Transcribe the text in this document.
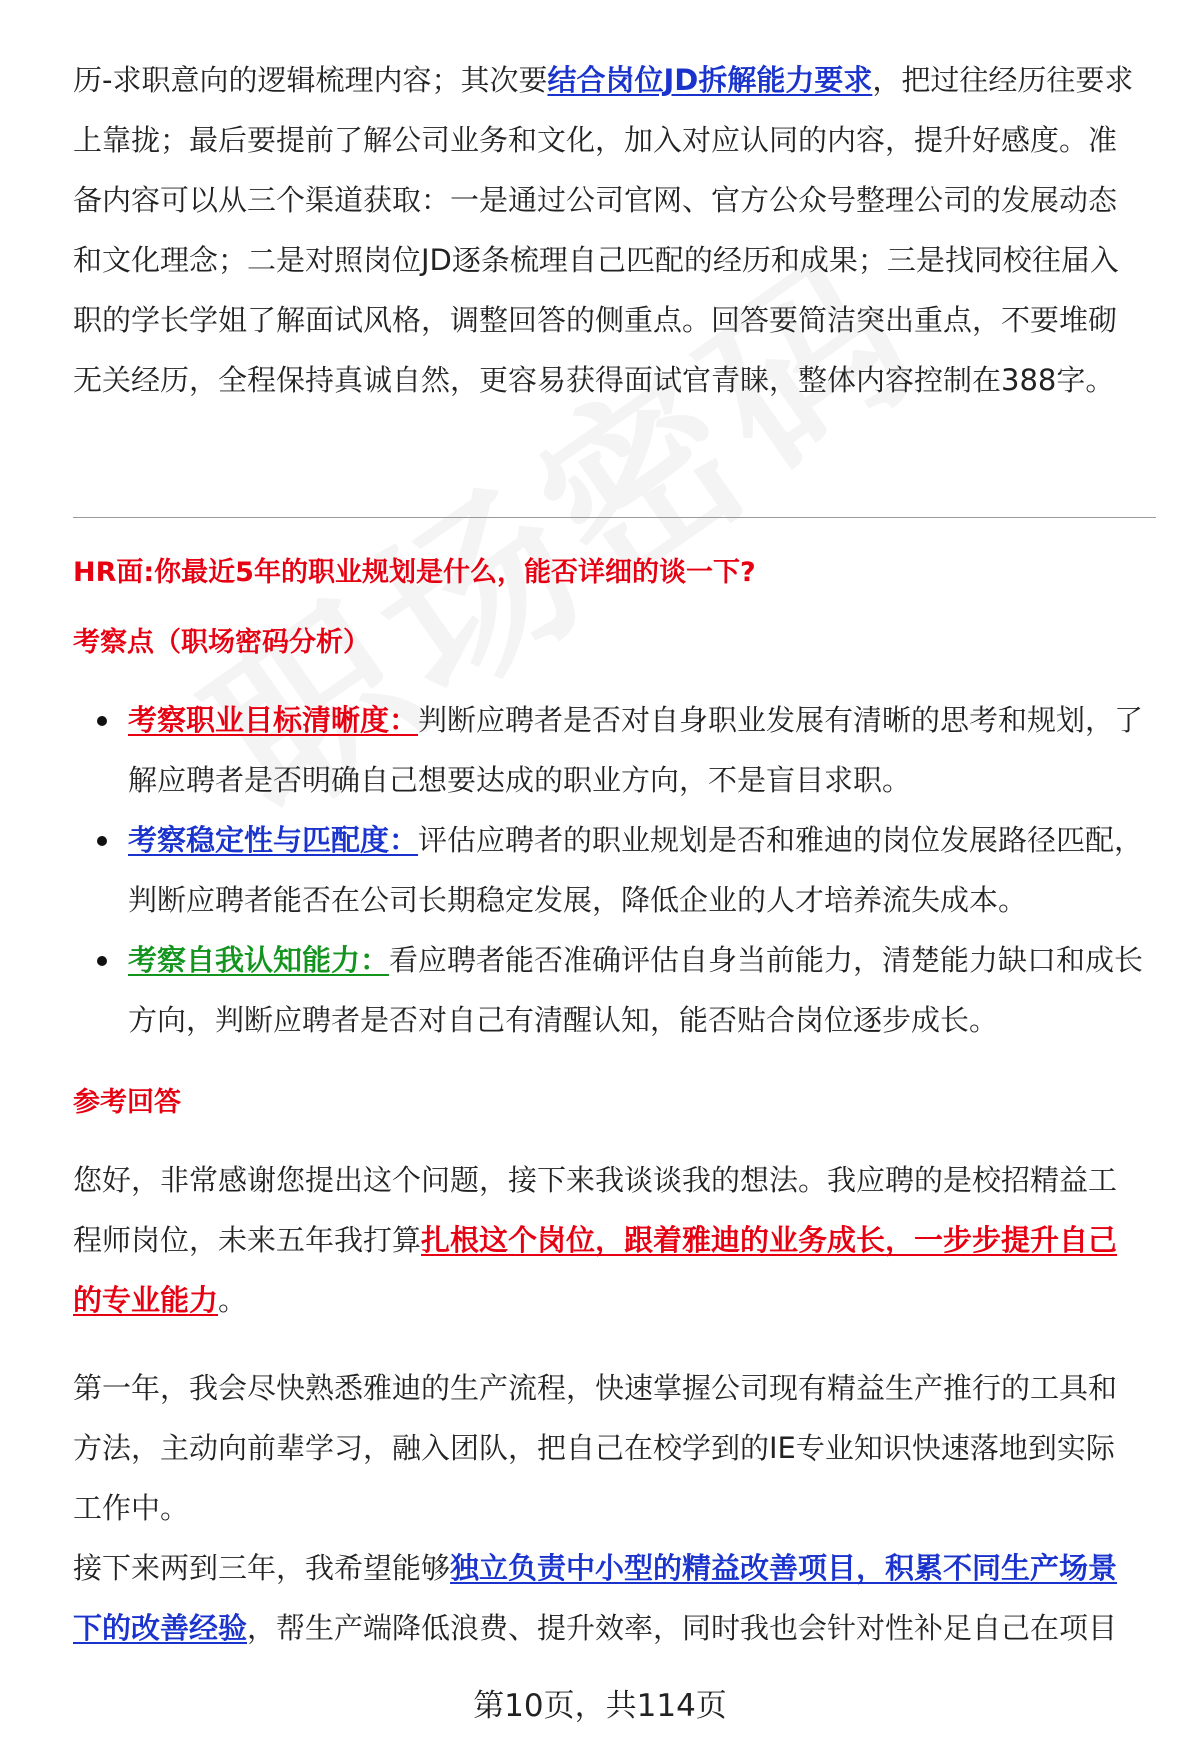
历-求职意向的逻辑梳理内容；其次要结合岗位JD拆解能力要求，把过往经历往要求上靠拢；最后要提前了解公司业务和文化，加入对应认同的内容，提升好感度。准备内容可以从三个渠道获取：一是通过公司官网、官方公众号整理公司的发展动态和文化理念；二是对照岗位JD逐条梳理自己匹配的经历和成果；三是找同校往届入职的学长学姐了解面试风格，调整回答的侧重点。回答要简洁突出重点，不要堆砌无关经历，全程保持真诚自然，更容易获得面试官青睐，整体内容控制在388字。

HR面:你最近5年的职业规划是什么，能否详细的谈一下?

考察点（职场密码分析）

考察职业目标清晰度：判断应聘者是否对自身职业发展有清晰的思考和规划，了解应聘者是否明确自己想要达成的职业方向，不是盲目求职。
考察稳定性与匹配度：评估应聘者的职业规划是否和雅迪的岗位发展路径匹配，判断应聘者能否在公司长期稳定发展，降低企业的人才培养流失成本。
考察自我认知能力：看应聘者能否准确评估自身当前能力，清楚能力缺口和成长方向，判断应聘者是否对自己有清醒认知，能否贴合岗位逐步成长。

参考回答

您好，非常感谢您提出这个问题，接下来我谈谈我的想法。我应聘的是校招精益工程师岗位，未来五年我打算扎根这个岗位，跟着雅迪的业务成长，一步步提升自己的专业能力。

第一年，我会尽快熟悉雅迪的生产流程，快速掌握公司现有精益生产推行的工具和方法，主动向前辈学习，融入团队，把自己在校学到的IE专业知识快速落地到实际工作中。

接下来两到三年，我希望能够独立负责中小型的精益改善项目，积累不同生产场景下的改善经验，帮生产端降低浪费、提升效率，同时我也会针对性补足自己在项目

第10页，共114页
